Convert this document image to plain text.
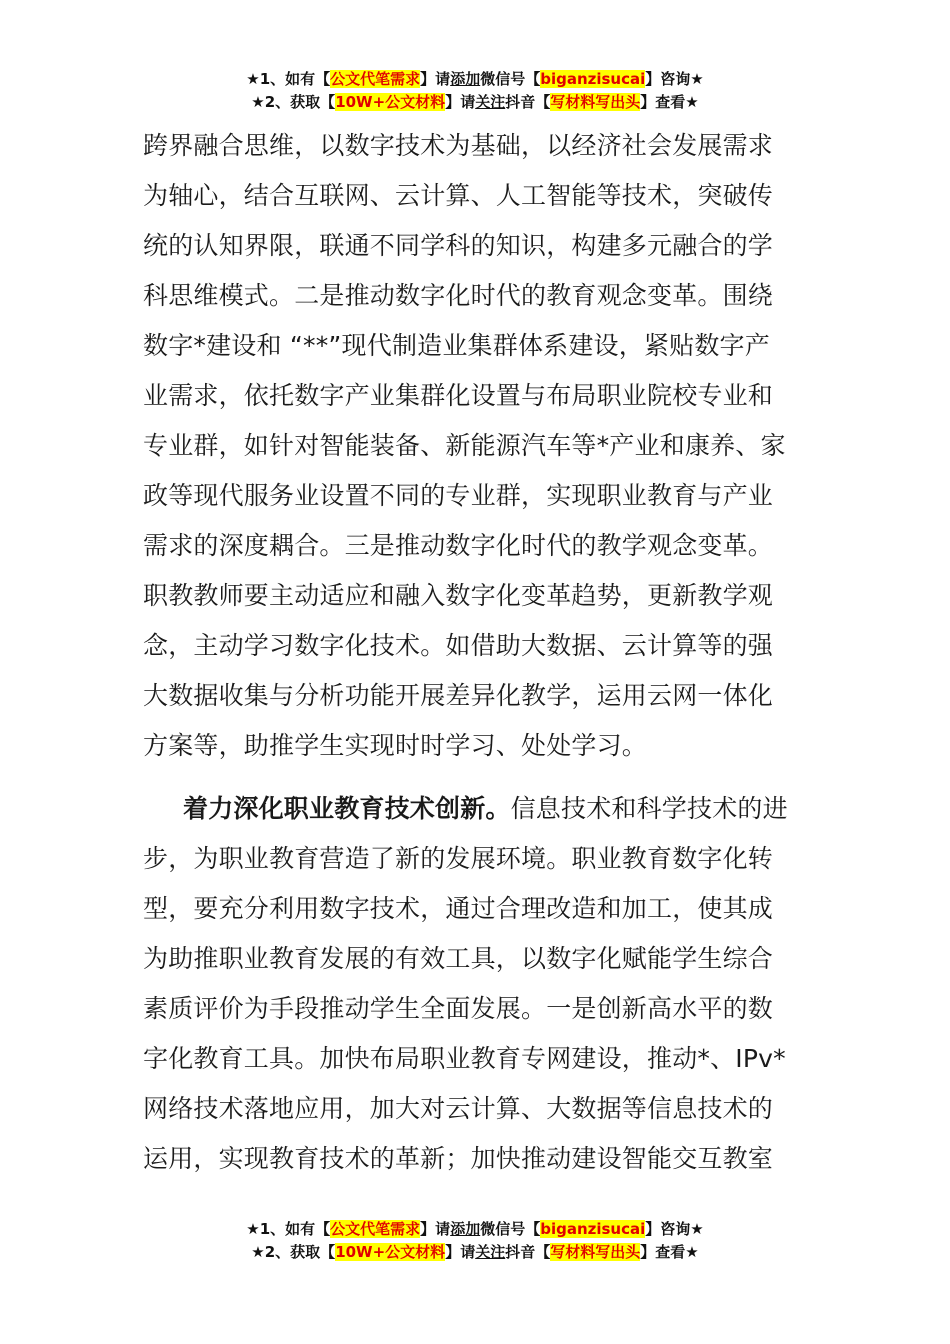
★1、如有【公文代笔需求】请添加微信号【biganzisucai】咨询★
★2、获取【10W+公文材料】请关注抖音【写材料写出头】查看★

跨界融合思维，以数字技术为基础，以经济社会发展需求
为轴心，结合互联网、云计算、人工智能等技术，突破传
统的认知界限，联通不同学科的知识，构建多元融合的学
科思维模式。二是推动数字化时代的教育观念变革。围绕
数字*建设和 “**”现代制造业集群体系建设，紧贴数字产
业需求，依托数字产业集群化设置与布局职业院校专业和
专业群，如针对智能装备、新能源汽车等*产业和康养、家
政等现代服务业设置不同的专业群，实现职业教育与产业
需求的深度耦合。三是推动数字化时代的教学观念变革。
职教教师要主动适应和融入数字化变革趋势，更新教学观
念，主动学习数字化技术。如借助大数据、云计算等的强
大数据收集与分析功能开展差异化教学，运用云网一体化
方案等，助推学生实现时时学习、处处学习。

着力深化职业教育技术创新。信息技术和科学技术的进
步，为职业教育营造了新的发展环境。职业教育数字化转
型，要充分利用数字技术，通过合理改造和加工，使其成
为助推职业教育发展的有效工具，以数字化赋能学生综合
素质评价为手段推动学生全面发展。一是创新高水平的数
字化教育工具。加快布局职业教育专网建设，推动*、IPv*
网络技术落地应用，加大对云计算、大数据等信息技术的
运用，实现教育技术的革新；加快推动建设智能交互教室

★1、如有【公文代笔需求】请添加微信号【biganzisucai】咨询★
★2、获取【10W+公文材料】请关注抖音【写材料写出头】查看★
